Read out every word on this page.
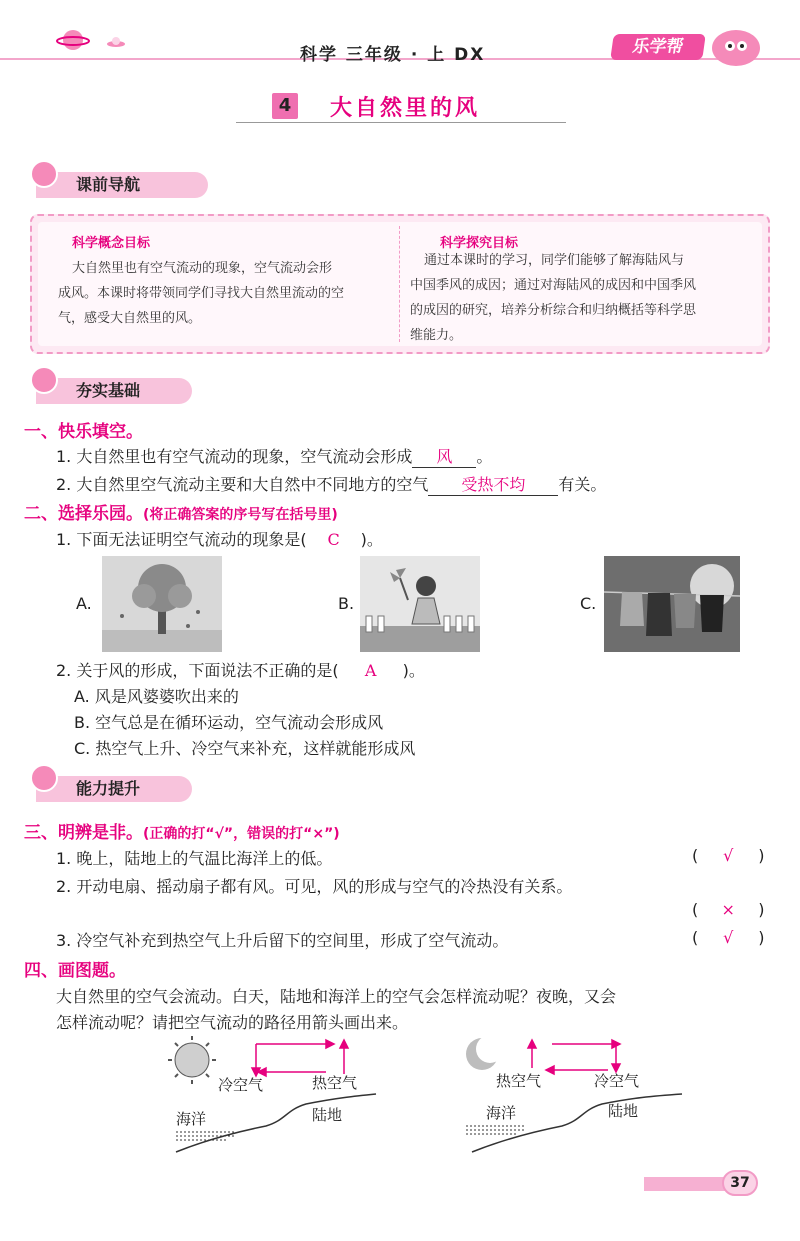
科学 三年级 · 上 DX	乐学帮
4	大自然里的风
课前导航
科学概念目标
大自然里也有空气流动的现象，空气流动会形
成风。本课时将带领同学们寻找大自然里流动的空
气，感受大自然里的风。
科学探究目标
通过本课时的学习，同学们能够了解海陆风与
中国季风的成因；通过对海陆风的成因和中国季风
的成因的研究，培养分析综合和归纳概括等科学思
维能力。
夯实基础
一、快乐填空。
1. 大自然里也有空气流动的现象，空气流动会形成 风 。
2. 大自然里空气流动主要和大自然中不同地方的空气 受热不均 有关。
二、选择乐园。(将正确答案的序号写在括号里)
1. 下面无法证明空气流动的现象是( C )。
A.	B.	C.
2. 关于风的形成，下面说法不正确的是( A )。
A. 风是风婆婆吹出来的
B. 空气总是在循环运动，空气流动会形成风
C. 热空气上升、冷空气来补充，这样就能形成风
能力提升
三、明辨是非。(正确的打“√”，错误的打“×”)
1. 晚上，陆地上的气温比海洋上的低。	( √ )
2. 开动电扇、摇动扇子都有风。可见，风的形成与空气的冷热没有关系。
( × )
3. 冷空气补充到热空气上升后留下的空间里，形成了空气流动。	( √ )
四、画图题。
大自然里的空气会流动。白天，陆地和海洋上的空气会怎样流动呢？夜晚，又会
怎样流动呢？请把空气流动的路径用箭头画出来。
冷空气	热空气
海洋	陆地
热空气	冷空气
海洋	陆地
37
